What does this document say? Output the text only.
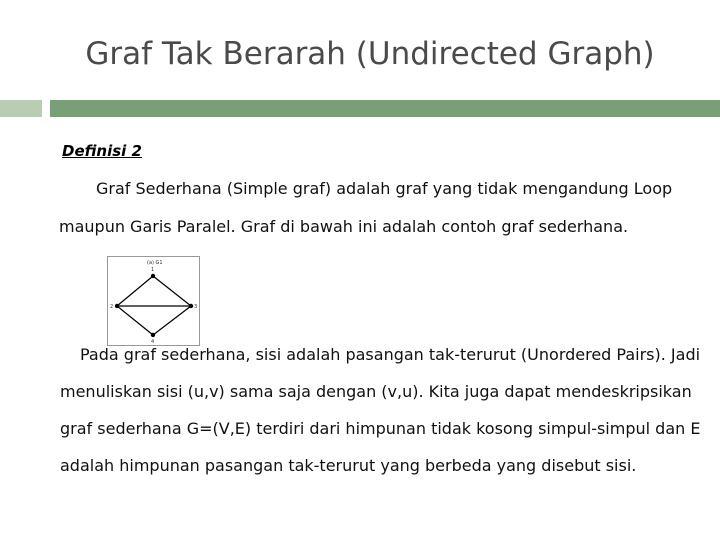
Graf Tak Berarah (Undirected Graph)
Definisi 2
Graf Sederhana (Simple graf) adalah graf yang tidak mengandung Loop
maupun Garis Paralel. Graf di bawah ini adalah contoh graf sederhana.
(a) G1
1
2	3
4
Pada graf sederhana, sisi adalah pasangan tak-terurut (Unordered Pairs). Jadi
menuliskan sisi (u,v) sama saja dengan (v,u). Kita juga dapat mendeskripsikan
graf sederhana G=(V,E) terdiri dari himpunan tidak kosong simpul-simpul dan E
adalah himpunan pasangan tak-terurut yang berbeda yang disebut sisi.
